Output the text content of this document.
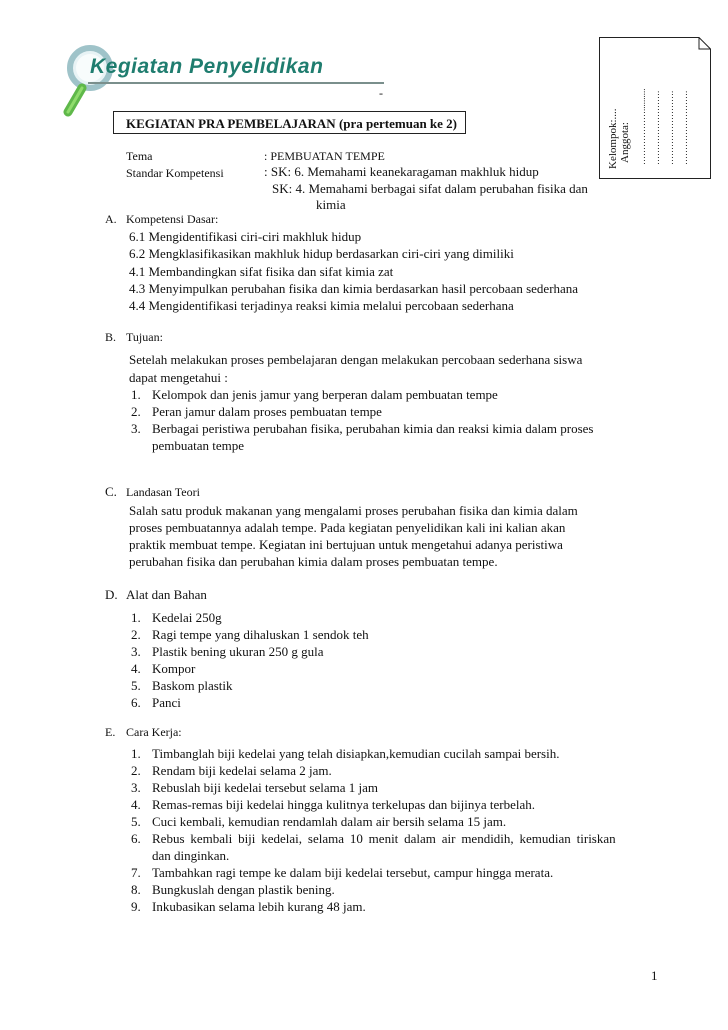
Kegiatan Penyelidikan
-
KEGIATAN PRA PEMBELAJARAN (pra pertemuan ke 2)	Kelompok:.... Anggota: ……………….......... ……………………. ……………………. …………………….
Tema	: PEMBUATAN TEMPE
Standar Kompetensi	: SK: 6. Memahami keanekaragaman makhluk hidup
SK: 4. Memahami berbagai sifat dalam perubahan fisika dan
kimia
A. Kompetensi Dasar:
6.1 Mengidentifikasi ciri-ciri makhluk hidup
6.2 Mengklasifikasikan makhluk hidup berdasarkan ciri-ciri yang dimiliki
4.1 Membandingkan sifat fisika dan sifat kimia zat
4.3 Menyimpulkan perubahan fisika dan kimia berdasarkan hasil percobaan sederhana
4.4 Mengidentifikasi terjadinya reaksi kimia melalui percobaan sederhana
B. Tujuan:
Setelah melakukan proses pembelajaran dengan melakukan percobaan sederhana siswa
dapat mengetahui :
1. Kelompok dan jenis jamur yang berperan dalam pembuatan tempe
2. Peran jamur dalam proses pembuatan tempe
3. Berbagai peristiwa perubahan fisika, perubahan kimia dan reaksi kimia dalam proses
pembuatan tempe
C. Landasan Teori
Salah satu produk makanan yang mengalami proses perubahan fisika dan kimia dalam
proses pembuatannya adalah tempe. Pada kegiatan penyelidikan kali ini kalian akan
praktik membuat tempe. Kegiatan ini bertujuan untuk mengetahui adanya peristiwa
perubahan fisika dan perubahan kimia dalam proses pembuatan tempe.
D. Alat dan Bahan
1. Kedelai 250g
2. Ragi tempe yang dihaluskan 1 sendok teh
3. Plastik bening ukuran 250 g gula
4. Kompor
5. Baskom plastik
6. Panci
E. Cara Kerja:
1. Timbanglah biji kedelai yang telah disiapkan,kemudian cucilah sampai bersih.
2. Rendam biji kedelai selama 2 jam.
3. Rebuslah biji kedelai tersebut selama 1 jam
4. Remas-remas biji kedelai hingga kulitnya terkelupas dan bijinya terbelah.
5. Cuci kembali, kemudian rendamlah dalam air bersih selama 15 jam.
6. Rebus kembali biji kedelai, selama 10 menit dalam air mendidih, kemudian tiriskan
dan dinginkan.
7. Tambahkan ragi tempe ke dalam biji kedelai tersebut, campur hingga merata.
8. Bungkuslah dengan plastik bening.
9. Inkubasikan selama lebih kurang 48 jam.
1
